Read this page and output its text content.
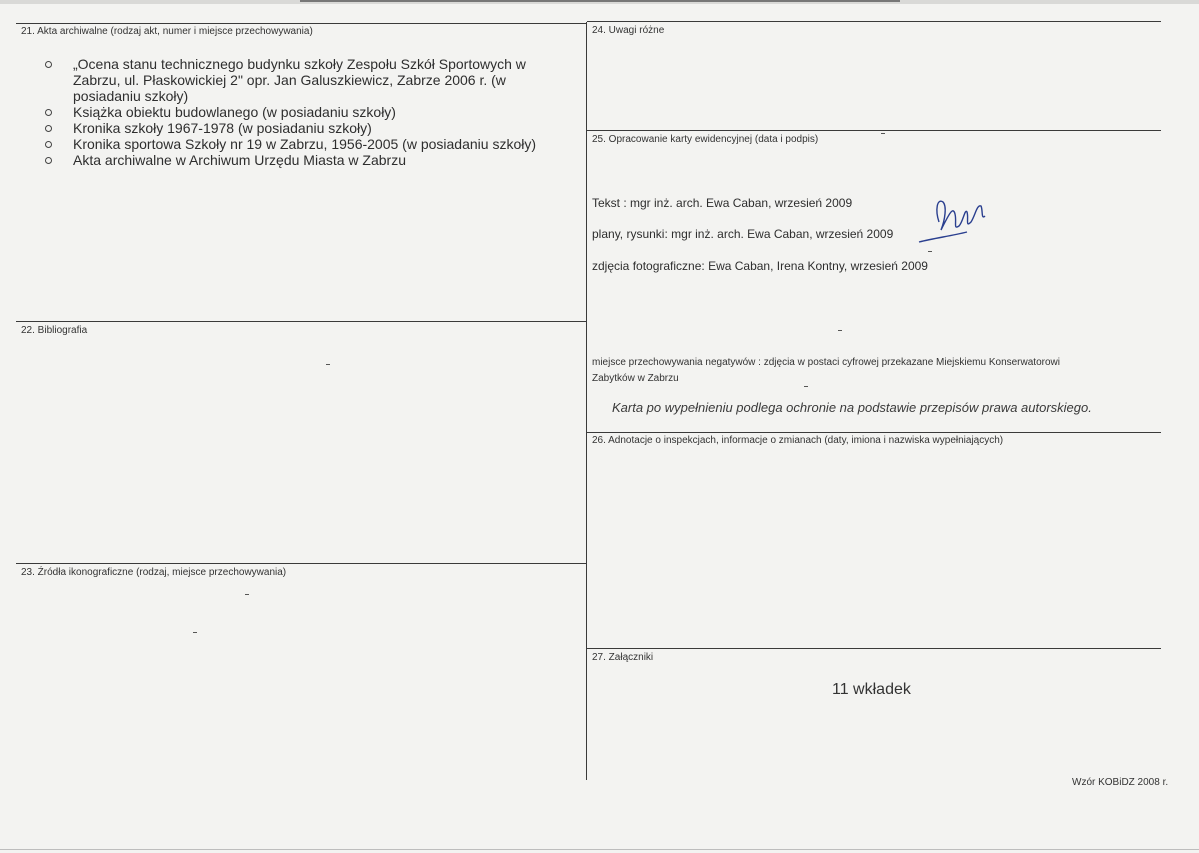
21. Akta archiwalne (rodzaj akt, numer i miejsce przechowywania)
„Ocena stanu technicznego budynku szkoły Zespołu Szkół Sportowych w Zabrzu, ul. Płaskowickiej 2" opr. Jan Galuszkiewicz, Zabrze 2006 r. (w posiadaniu szkoły)
Książka obiektu budowlanego (w posiadaniu szkoły)
Kronika szkoły 1967-1978 (w posiadaniu szkoły)
Kronika sportowa Szkoły nr 19 w Zabrzu, 1956-2005 (w posiadaniu szkoły)
Akta archiwalne w Archiwum Urzędu Miasta w Zabrzu
22. Bibliografia
23. Źródła ikonograficzne (rodzaj, miejsce przechowywania)
24. Uwagi różne
25. Opracowanie karty ewidencyjnej (data i podpis)
Tekst : mgr inż. arch. Ewa Caban, wrzesień 2009
plany, rysunki: mgr inż. arch. Ewa Caban, wrzesień 2009
zdjęcia fotograficzne: Ewa Caban, Irena Kontny, wrzesień 2009
miejsce przechowywania negatywów : zdjęcia w postaci cyfrowej przekazane Miejskiemu Konserwatorowi
Zabytków w Zabrzu
Karta po wypełnieniu podlega ochronie na podstawie przepisów prawa autorskiego.
26. Adnotacje o inspekcjach, informacje o zmianach (daty, imiona i nazwiska wypełniających)
27. Załączniki
11 wkładek
Wzór KOBiDZ 2008 r.
